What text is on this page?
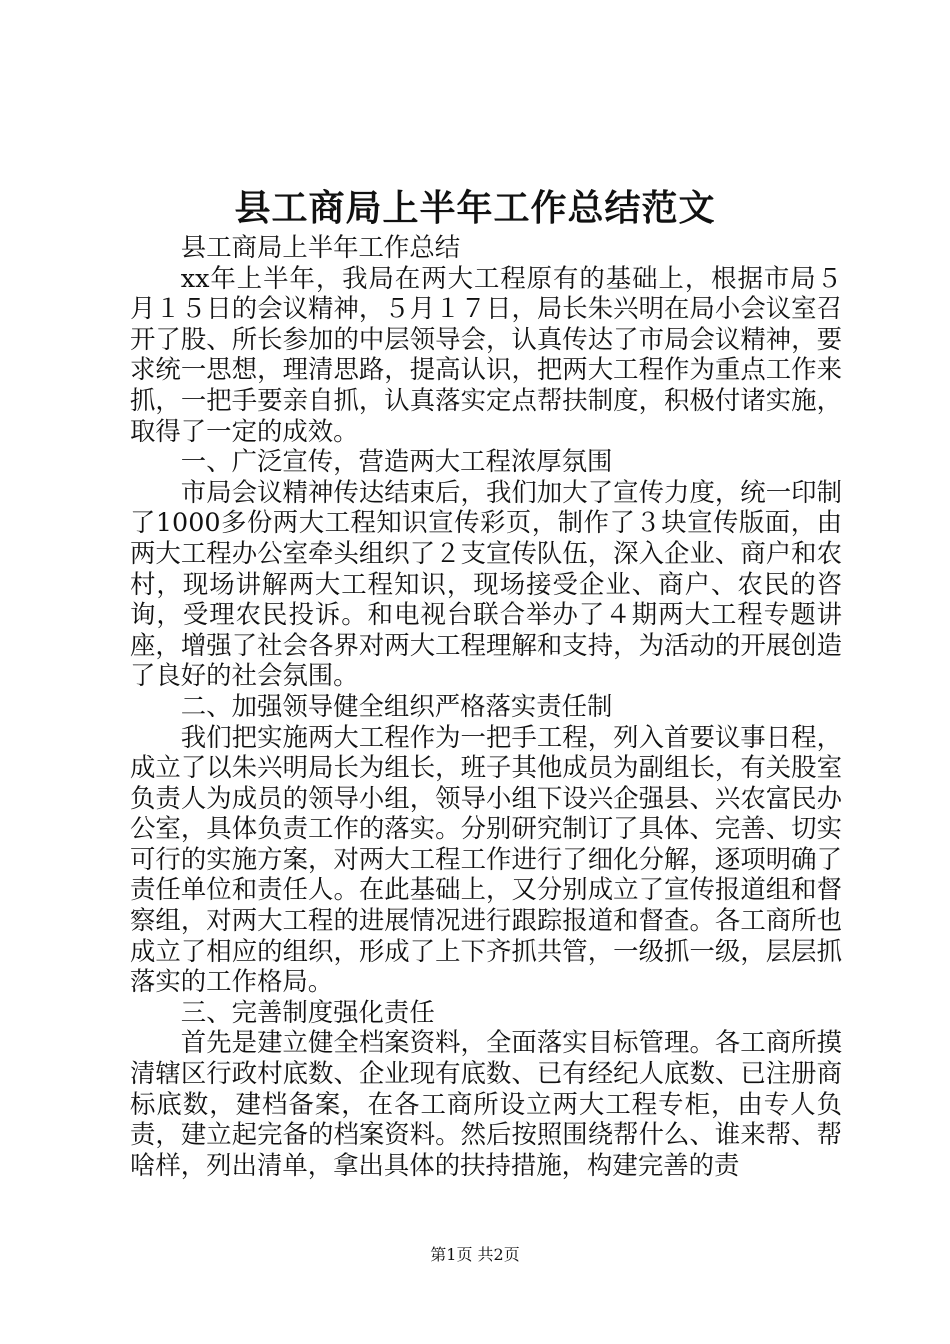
县工商局上半年工作总结范文

县工商局上半年工作总结

xx年上半年，我局在两大工程原有的基础上，根据市局５月１５日的会议精神，５月１７日，局长朱兴明在局小会议室召开了股、所长参加的中层领导会，认真传达了市局会议精神，要求统一思想，理清思路，提高认识，把两大工程作为重点工作来抓，一把手要亲自抓，认真落实定点帮扶制度，积极付诸实施，取得了一定的成效。

一、广泛宣传，营造两大工程浓厚氛围

市局会议精神传达结束后，我们加大了宣传力度，统一印制了1000多份两大工程知识宣传彩页，制作了３块宣传版面，由两大工程办公室牵头组织了２支宣传队伍，深入企业、商户和农村，现场讲解两大工程知识，现场接受企业、商户、农民的咨询，受理农民投诉。和电视台联合举办了４期两大工程专题讲座，增强了社会各界对两大工程理解和支持，为活动的开展创造了良好的社会氛围。

二、加强领导健全组织严格落实责任制

我们把实施两大工程作为一把手工程，列入首要议事日程，成立了以朱兴明局长为组长，班子其他成员为副组长，有关股室负责人为成员的领导小组，领导小组下设兴企强县、兴农富民办公室，具体负责工作的落实。分别研究制订了具体、完善、切实可行的实施方案，对两大工程工作进行了细化分解，逐项明确了责任单位和责任人。在此基础上，又分别成立了宣传报道组和督察组，对两大工程的进展情况进行跟踪报道和督查。各工商所也成立了相应的组织，形成了上下齐抓共管，一级抓一级，层层抓落实的工作格局。

三、完善制度强化责任

首先是建立健全档案资料，全面落实目标管理。各工商所摸清辖区行政村底数、企业现有底数、已有经纪人底数、已注册商标底数，建档备案，在各工商所设立两大工程专柜，由专人负责，建立起完备的档案资料。然后按照围绕帮什么、谁来帮、帮啥样，列出清单，拿出具体的扶持措施，构建完善的责

第1页 共2页
